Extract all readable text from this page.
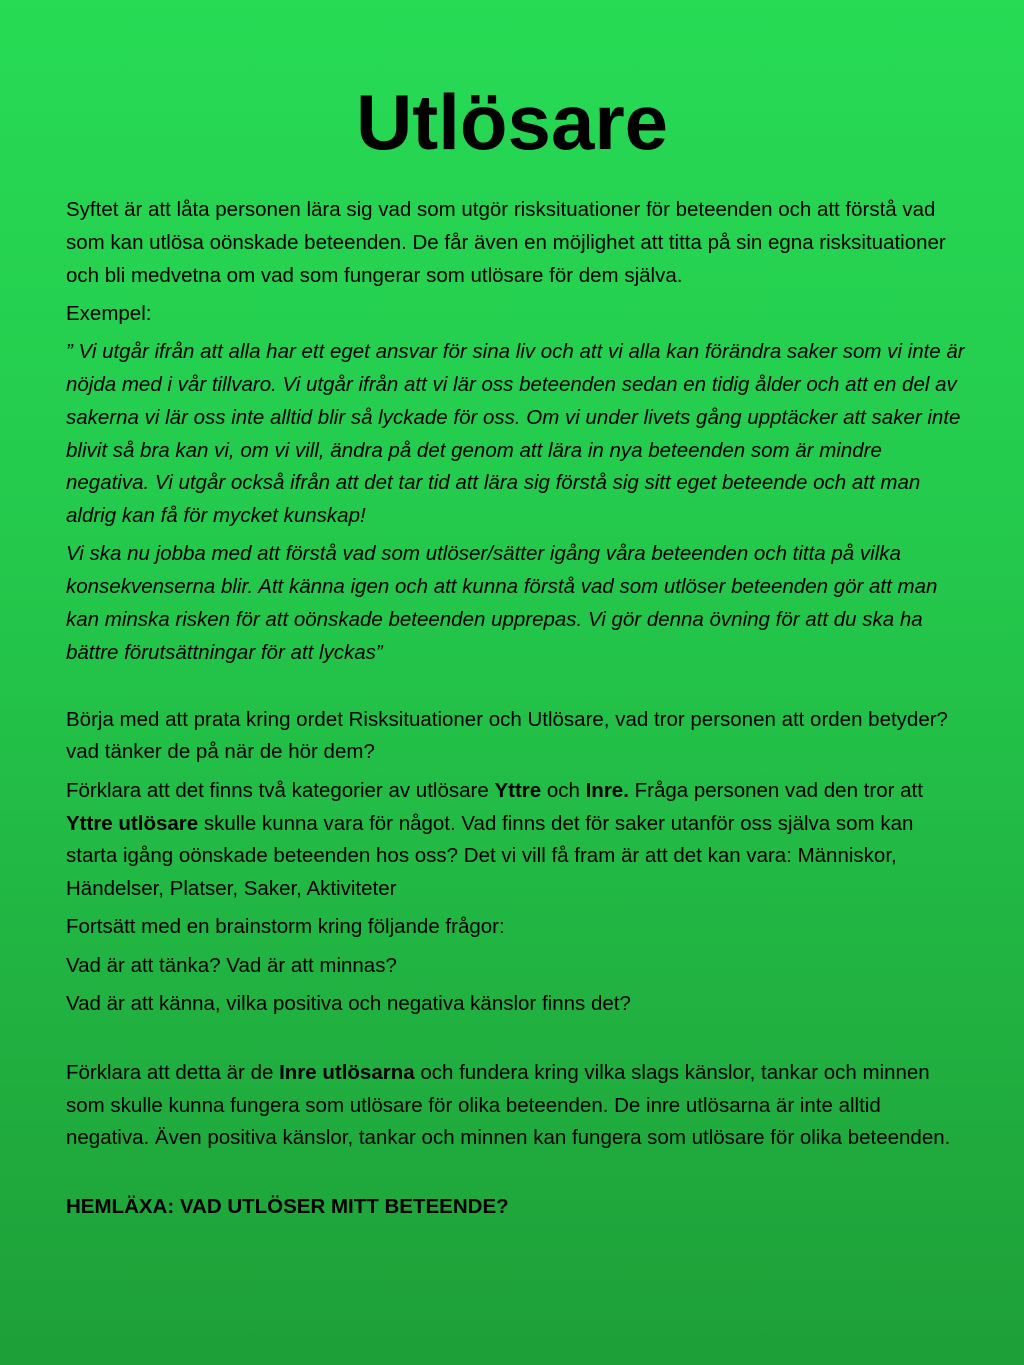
Utlösare

Syftet är att låta personen lära sig vad som utgör risksituationer för beteenden och att förstå vad som kan utlösa oönskade beteenden. De får även en möjlighet att titta på sin egna risksituationer och bli medvetna om vad som fungerar som utlösare för dem själva.

Exempel:

” Vi utgår ifrån att alla har ett eget ansvar för sina liv och att vi alla kan förändra saker som vi inte är nöjda med i vår tillvaro. Vi utgår ifrån att vi lär oss beteenden sedan en tidig ålder och att en del av sakerna vi lär oss inte alltid blir så lyckade för oss. Om vi under livets gång upptäcker att saker inte blivit så bra kan vi, om vi vill, ändra på det genom att lära in nya beteenden som är mindre negativa. Vi utgår också ifrån att det tar tid att lära sig förstå sig sitt eget beteende och att man aldrig kan få för mycket kunskap!

Vi ska nu jobba med att förstå vad som utlöser/sätter igång våra beteenden och titta på vilka konsekvenserna blir. Att känna igen och att kunna förstå vad som utlöser beteenden gör att man kan minska risken för att oönskade beteenden upprepas. Vi gör denna övning för att du ska ha bättre förutsättningar för att lyckas”

Börja med att prata kring ordet Risksituationer och Utlösare, vad tror personen att orden betyder? vad tänker de på när de hör dem?

Förklara att det finns två kategorier av utlösare Yttre och Inre. Fråga personen vad den tror att Yttre utlösare skulle kunna vara för något. Vad finns det för saker utanför oss själva som kan starta igång oönskade beteenden hos oss? Det vi vill få fram är att det kan vara: Människor, Händelser, Platser, Saker, Aktiviteter

Fortsätt med en brainstorm kring följande frågor:

Vad är att tänka? Vad är att minnas?

Vad är att känna, vilka positiva och negativa känslor finns det?

Förklara att detta är de Inre utlösarna och fundera kring vilka slags känslor, tankar och minnen som skulle kunna fungera som utlösare för olika beteenden. De inre utlösarna är inte alltid negativa. Även positiva känslor, tankar och minnen kan fungera som utlösare för olika beteenden.

HEMLÄXA: VAD UTLÖSER MITT BETEENDE?
